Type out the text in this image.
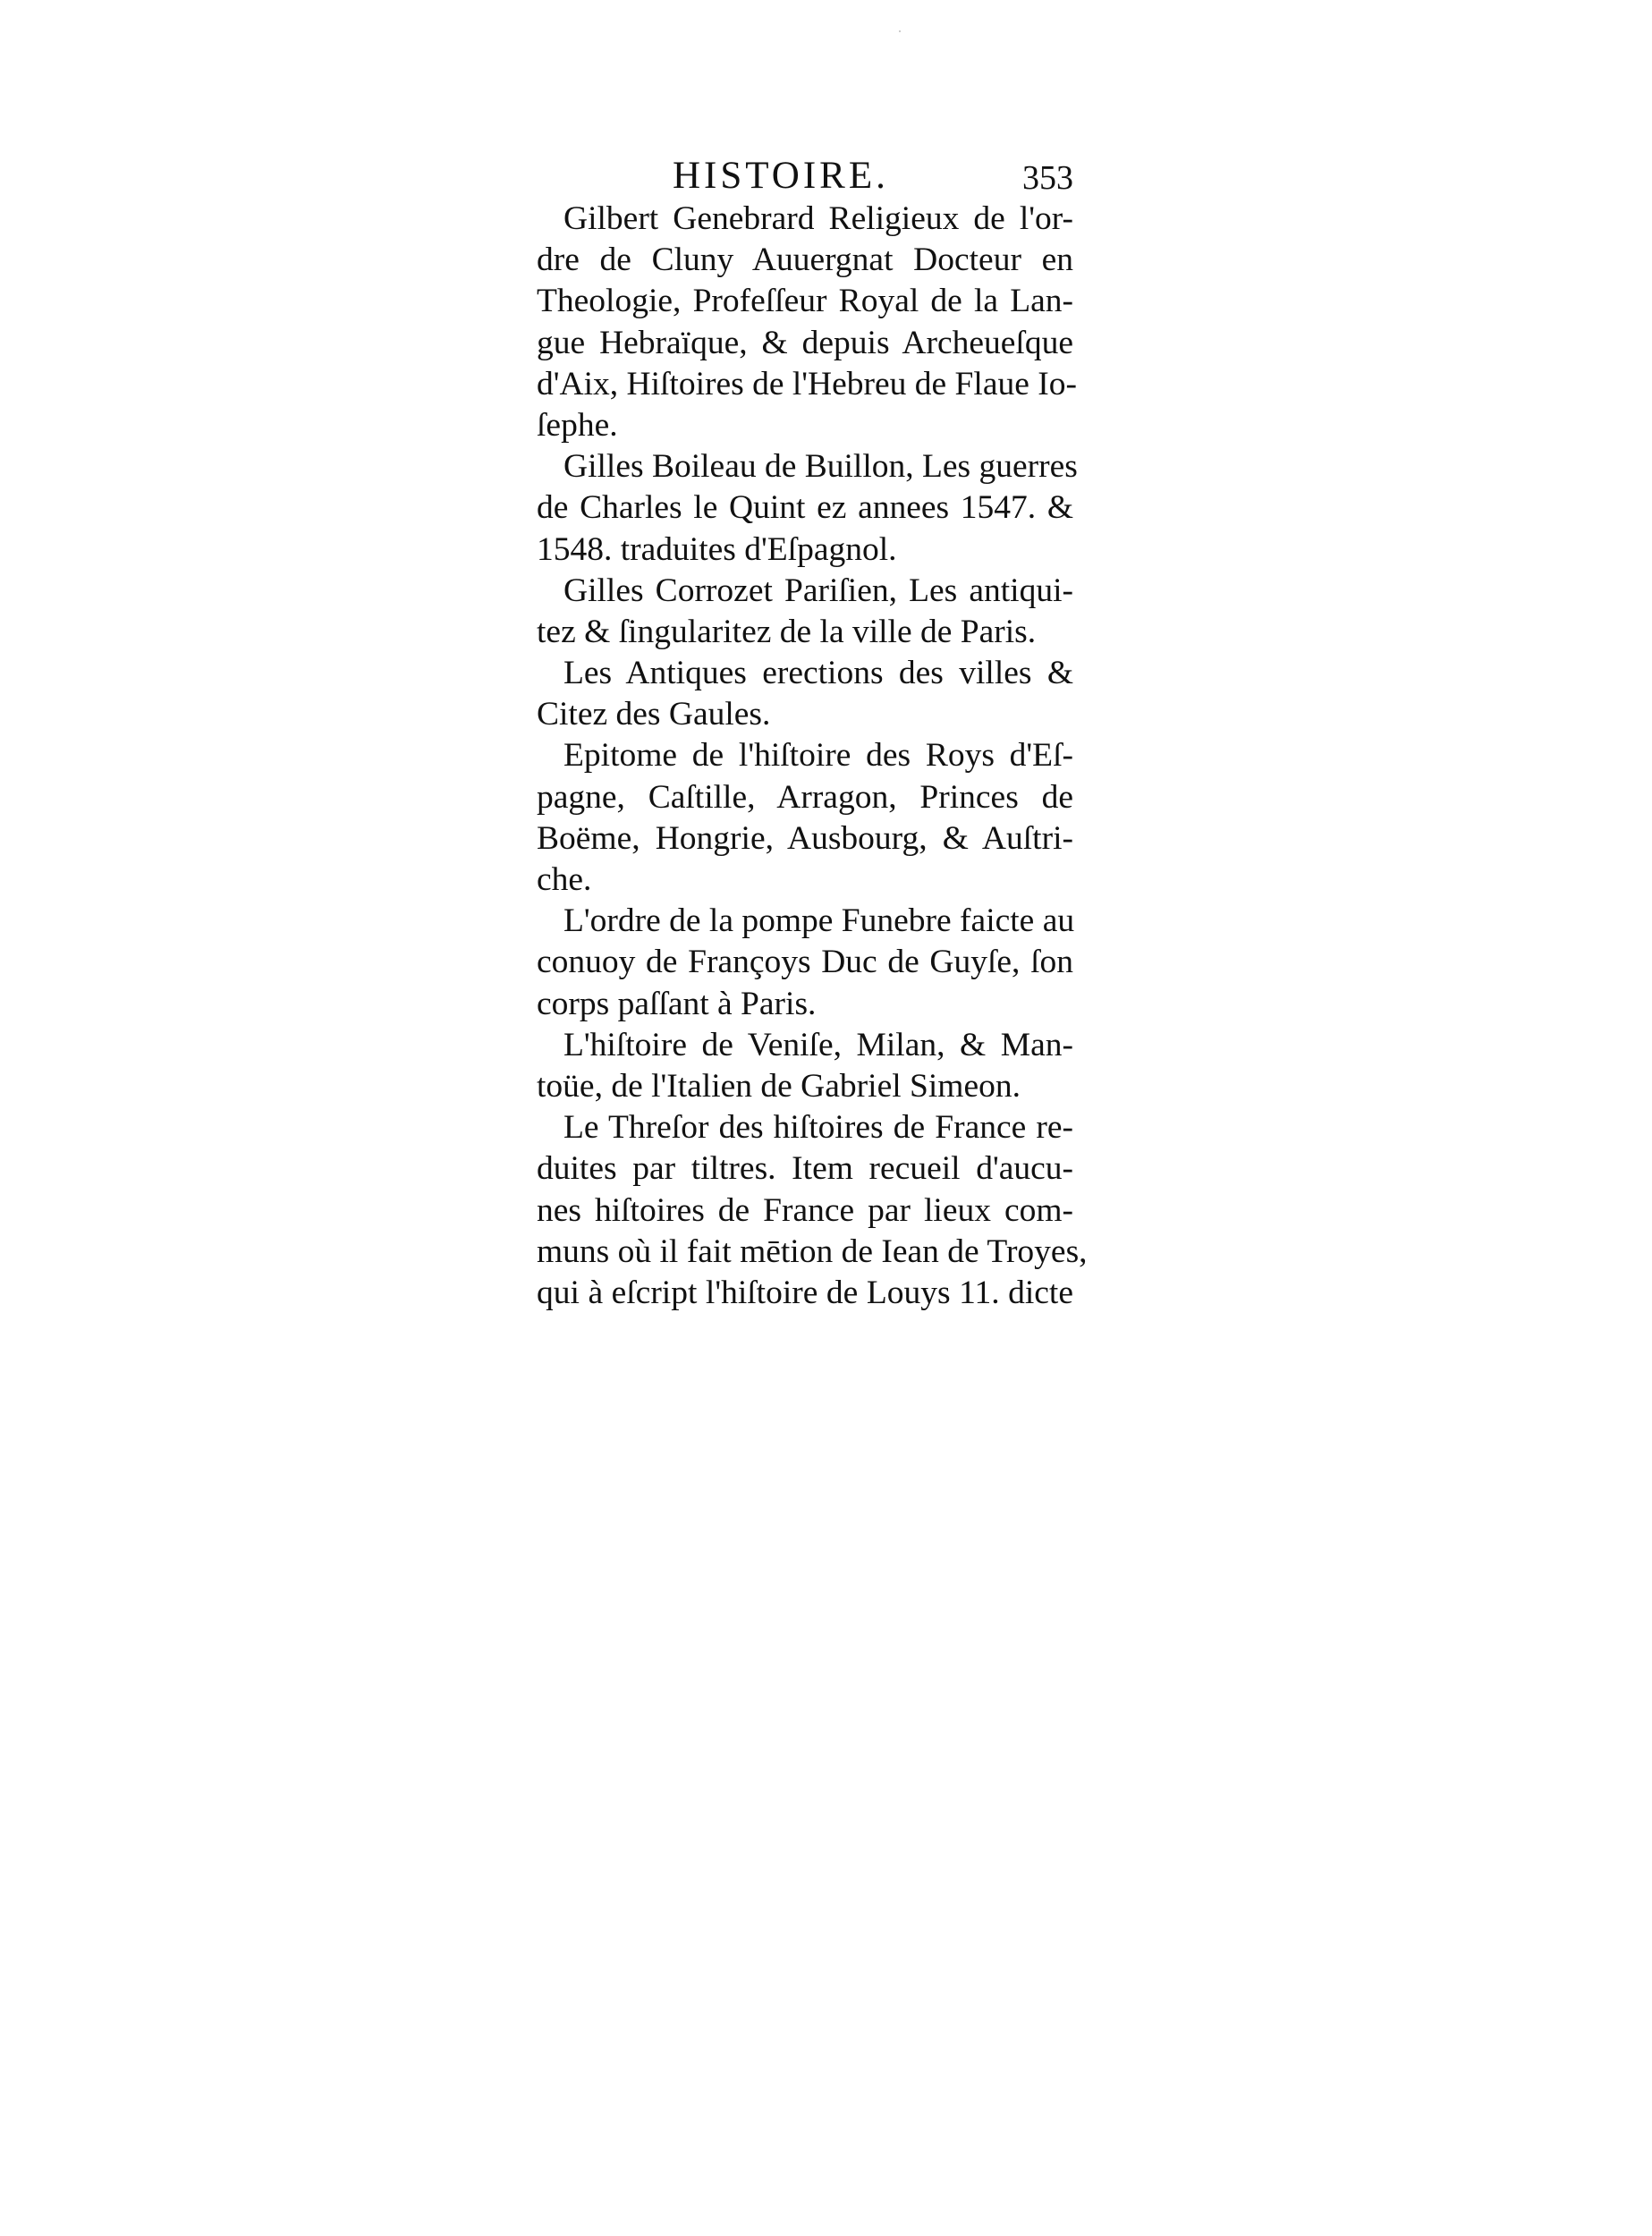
HISTOIRE.	353
Gilbert Genebrard Religieux de l'or-
dre de Cluny Auuergnat Docteur en
Theologie, Profeſſeur Royal de la Lan-
gue Hebraïque, & depuis Archeueſque
d'Aix, Hiſtoires de l'Hebreu de Flaue Io-
ſephe.
Gilles Boileau de Buillon, Les guerres
de Charles le Quint ez annees 1547. &
1548. traduites d'Eſpagnol.
Gilles Corrozet Pariſien, Les antiqui-
tez & ſingularitez de la ville de Paris.
Les Antiques erections des villes &
Citez des Gaules.
Epitome de l'hiſtoire des Roys d'Eſ-
pagne, Caſtille, Arragon, Princes de
Boëme, Hongrie, Ausbourg, & Auſtri-
che.
L'ordre de la pompe Funebre faicte au
conuoy de Françoys Duc de Guyſe, ſon
corps paſſant à Paris.
L'hiſtoire de Veniſe, Milan, & Man-
toüe, de l'Italien de Gabriel Simeon.
Le Threſor des hiſtoires de France re-
duites par tiltres. Item recueil d'aucu-
nes hiſtoires de France par lieux com-
muns où il fait mētion de Iean de Troyes,
qui à eſcript l'hiſtoire de Louys 11. dicte
